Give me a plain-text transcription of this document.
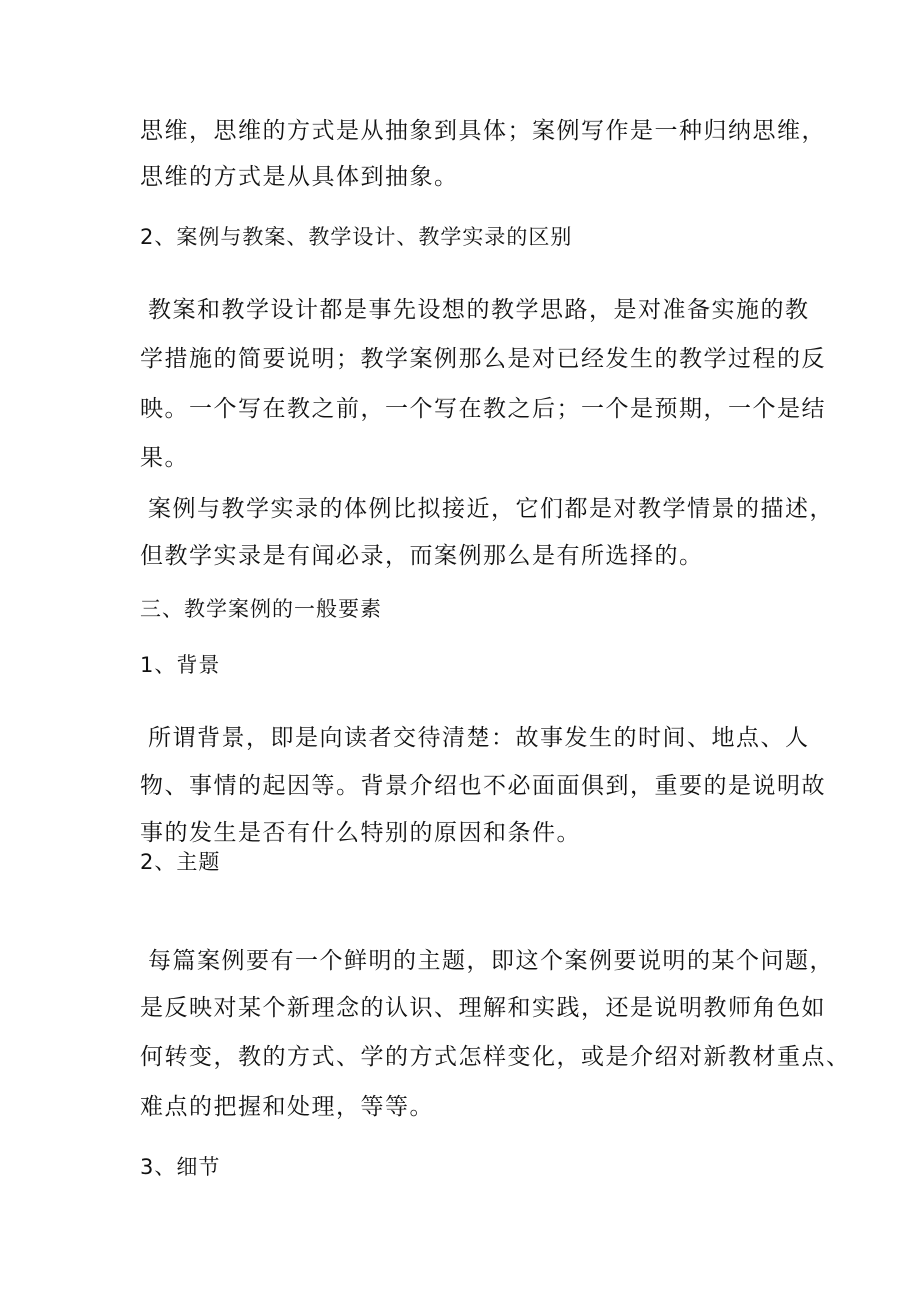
思维，思维的方式是从抽象到具体；案例写作是一种归纳思维，
思维的方式是从具体到抽象。
2、案例与教案、教学设计、教学实录的区别
教案和教学设计都是事先设想的教学思路，是对准备实施的教
学措施的简要说明；教学案例那么是对已经发生的教学过程的反
映。一个写在教之前，一个写在教之后；一个是预期，一个是结
果。
案例与教学实录的体例比拟接近，它们都是对教学情景的描述，
但教学实录是有闻必录，而案例那么是有所选择的。
三、教学案例的一般要素
1、背景
所谓背景，即是向读者交待清楚：故事发生的时间、地点、人
物、事情的起因等。背景介绍也不必面面俱到，重要的是说明故
事的发生是否有什么特别的原因和条件。
2、主题
每篇案例要有一个鲜明的主题，即这个案例要说明的某个问题，
是反映对某个新理念的认识、理解和实践，还是说明教师角色如
何转变，教的方式、学的方式怎样变化，或是介绍对新教材重点、
难点的把握和处理，等等。
3、细节
